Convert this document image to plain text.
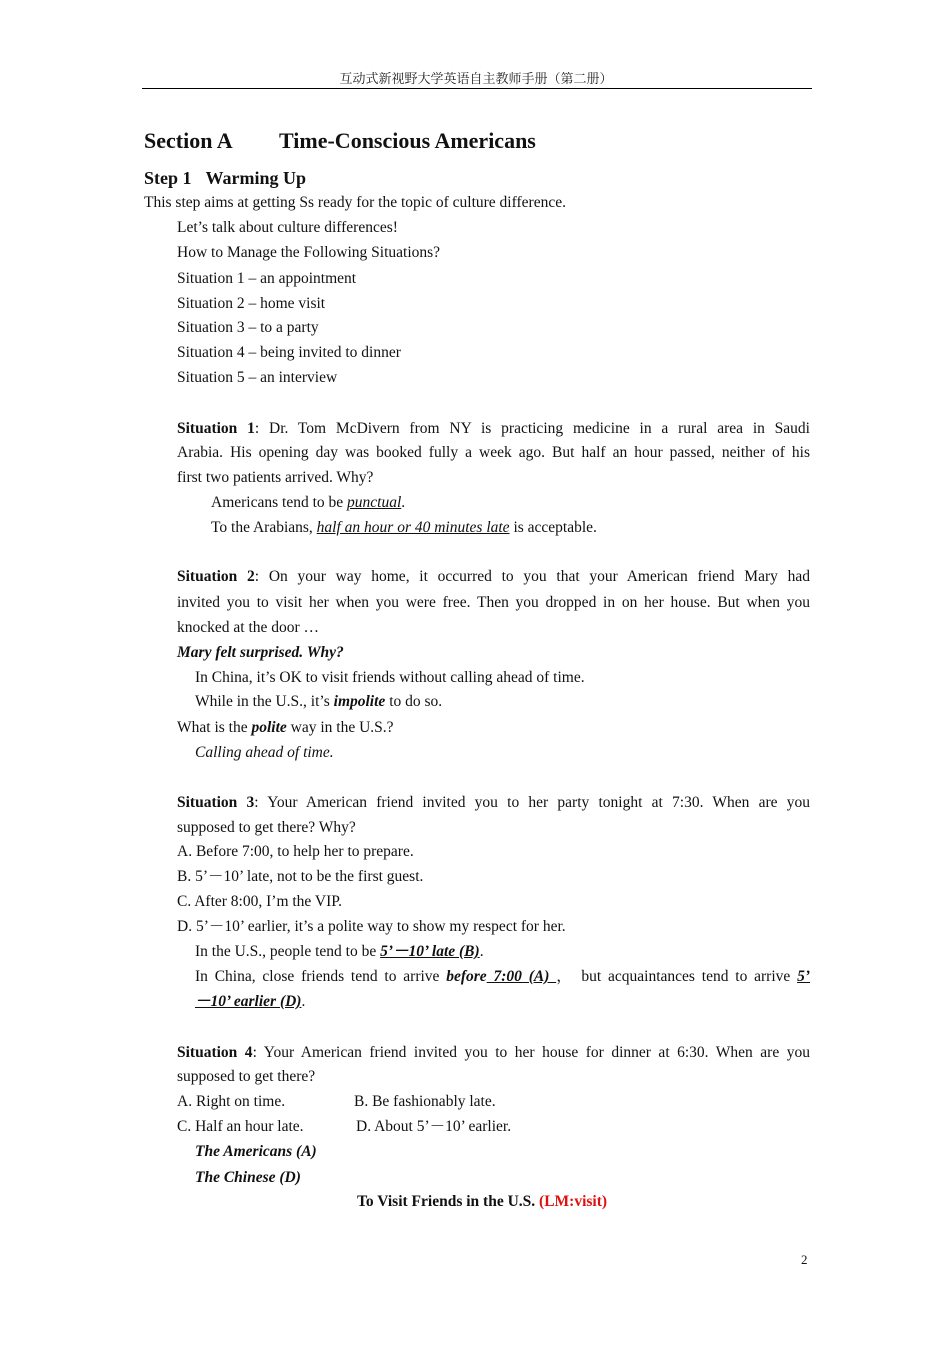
互动式新视野大学英语自主教师手册（第二册）
Section A Time-Conscious Americans
Step 1 Warming Up
This step aims at getting Ss ready for the topic of culture difference.
Let’s talk about culture differences!
How to Manage the Following Situations?
Situation 1 – an appointment
Situation 2 – home visit
Situation 3 – to a party
Situation 4 – being invited to dinner
Situation 5 – an interview
Situation 1: Dr. Tom McDivern from NY is practicing medicine in a rural area in Saudi
Arabia. His opening day was booked fully a week ago. But half an hour passed, neither of his
first two patients arrived. Why?
Americans tend to be punctual.
To the Arabians, half an hour or 40 minutes late is acceptable.
Situation 2: On your way home, it occurred to you that your American friend Mary had
invited you to visit her when you were free. Then you dropped in on her house. But when you
knocked at the door …
Mary felt surprised. Why?
In China, it’s OK to visit friends without calling ahead of time.
While in the U.S., it’s impolite to do so.
What is the polite way in the U.S.?
Calling ahead of time.
Situation 3: Your American friend invited you to her party tonight at 7:30. When are you
supposed to get there? Why?
A. Before 7:00, to help her to prepare.
B. 5’－10’ late, not to be the first guest.
C. After 8:00, I’m the VIP.
D. 5’－10’ earlier, it’s a polite way to show my respect for her.
In the U.S., people tend to be 5’－10’ late (B).
In China, close friends tend to arrive before 7:00 (A) ， but acquaintances tend to arrive 5’
－10’ earlier (D).
Situation 4: Your American friend invited you to her house for dinner at 6:30. When are you
supposed to get there?
A. Right on time.	B. Be fashionably late.
C. Half an hour late.	D. About 5’－10’ earlier.
The Americans (A)
The Chinese (D)
To Visit Friends in the U.S. (LM:visit)
2
